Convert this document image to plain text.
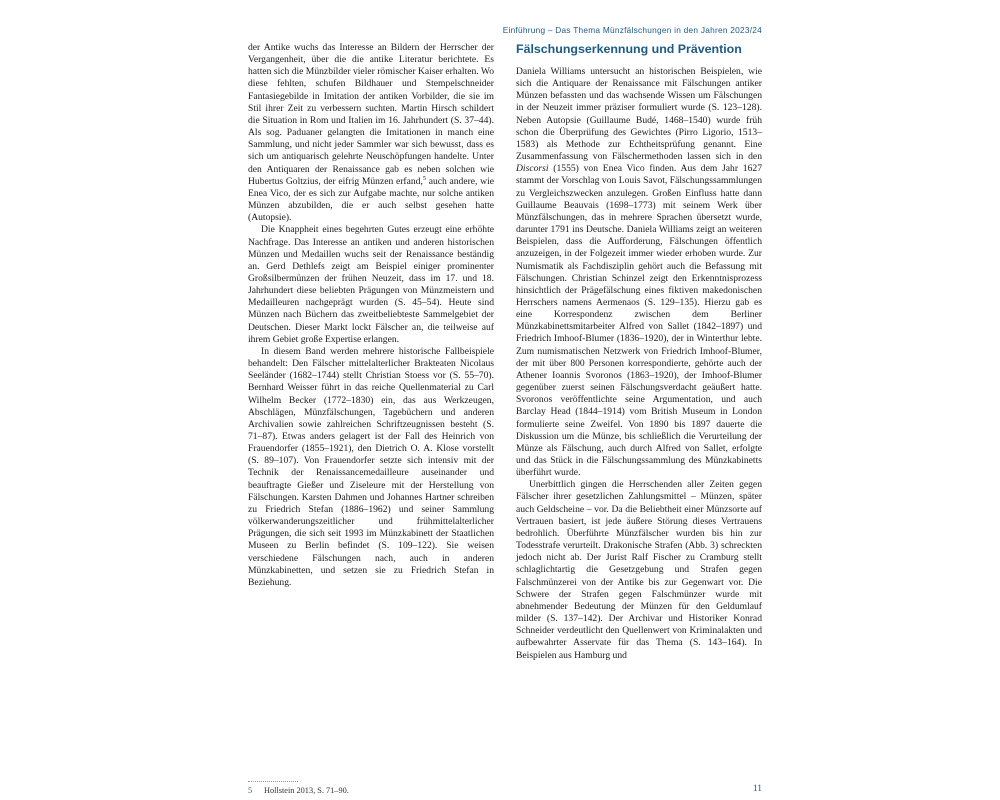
Einführung – Das Thema Münzfälschungen in den Jahren 2023/24

der Antike wuchs das Interesse an Bildern der Herrscher der Vergangenheit, über die die antike Literatur berichtete. Es hatten sich die Münzbilder vieler römischer Kaiser erhalten. Wo diese fehlten, schufen Bildhauer und Stempelschneider Fantasiegebilde in Imitation der antiken Vorbilder, die sie im Stil ihrer Zeit zu verbessern suchten. Martin Hirsch schildert die Situation in Rom und Italien im 16. Jahrhundert (S. 37–44). Als sog. Paduaner gelangten die Imitationen in manch eine Sammlung, und nicht jeder Sammler war sich bewusst, dass es sich um antiquarisch gelehrte Neuschöpfungen handelte. Unter den Antiquaren der Renaissance gab es neben solchen wie Hubertus Goltzius, der eifrig Münzen erfand,$^5$ auch andere, wie Enea Vico, der es sich zur Aufgabe machte, nur solche antiken Münzen abzubilden, die er auch selbst gesehen hatte (Autopsie).

Die Knappheit eines begehrten Gutes erzeugt eine erhöhte Nachfrage. Das Interesse an antiken und anderen historischen Münzen und Medaillen wuchs seit der Renaissance beständig an. Gerd Dethlefs zeigt am Beispiel einiger prominenter Großsilbermünzen der frühen Neuzeit, dass im 17. und 18. Jahrhundert diese beliebten Prägungen von Münzmeistern und Medailleuren nachgeprägt wurden (S. 45–54). Heute sind Münzen nach Büchern das zweitbeliebteste Sammelgebiet der Deutschen. Dieser Markt lockt Fälscher an, die teilweise auf ihrem Gebiet große Expertise erlangen.

In diesem Band werden mehrere historische Fallbeispiele behandelt: Den Fälscher mittelalterlicher Brakteaten Nicolaus Seeländer (1682–1744) stellt Christian Stoess vor (S. 55–70). Bernhard Weisser führt in das reiche Quellenmaterial zu Carl Wilhelm Becker (1772–1830) ein, das aus Werkzeugen, Abschlägen, Münzfälschungen, Tagebüchern und anderen Archivalien sowie zahlreichen Schriftzeugnissen besteht (S. 71–87). Etwas anders gelagert ist der Fall des Heinrich von Frauendorfer (1855–1921), den Dietrich O. A. Klose vorstellt (S. 89–107). Von Frauendorfer setzte sich intensiv mit der Technik der Renaissancemedailleure auseinander und beauftragte Gießer und Ziseleure mit der Herstellung von Fälschungen. Karsten Dahmen und Johannes Hartner schreiben zu Friedrich Stefan (1886–1962) und seiner Sammlung völkerwanderungszeitlicher und frühmittelalterlicher Prägungen, die sich seit 1993 im Münzkabinett der Staatlichen Museen zu Berlin befindet (S. 109–122). Sie weisen verschiedene Fälschungen nach, auch in anderen Münzkabinetten, und setzen sie zu Friedrich Stefan in Beziehung.

Fälschungserkennung und Prävention

Daniela Williams untersucht an historischen Beispielen, wie sich die Antiquare der Renaissance mit Fälschungen antiker Münzen befassten und das wachsende Wissen um Fälschungen in der Neuzeit immer präziser formuliert wurde (S. 123–128). Neben Autopsie (Guillaume Budé, 1468–1540) wurde früh schon die Überprüfung des Gewichtes (Pirro Ligorio, 1513–1583) als Methode zur Echtheitsprüfung genannt. Eine Zusammenfassung von Fälschermethoden lassen sich in den Discorsi (1555) von Enea Vico finden. Aus dem Jahr 1627 stammt der Vorschlag von Louis Savot, Fälschungssammlungen zu Vergleichszwecken anzulegen. Großen Einfluss hatte dann Guillaume Beauvais (1698–1773) mit seinem Werk über Münzfälschungen, das in mehrere Sprachen übersetzt wurde, darunter 1791 ins Deutsche. Daniela Williams zeigt an weiteren Beispielen, dass die Aufforderung, Fälschungen öffentlich anzuzeigen, in der Folgezeit immer wieder erhoben wurde. Zur Numismatik als Fachdisziplin gehört auch die Befassung mit Fälschungen. Christian Schinzel zeigt den Erkenntnisprozess hinsichtlich der Prägefälschung eines fiktiven makedonischen Herrschers namens Aermenaos (S. 129–135). Hierzu gab es eine Korrespondenz zwischen dem Berliner Münzkabinettsmitarbeiter Alfred von Sallet (1842–1897) und Friedrich Imhoof-Blumer (1836–1920), der in Winterthur lebte. Zum numismatischen Netzwerk von Friedrich Imhoof-Blumer, der mit über 800 Personen korrespondierte, gehörte auch der Athener Ioannis Svoronos (1863–1920), der Imhoof-Blumer gegenüber zuerst seinen Fälschungsverdacht geäußert hatte. Svoronos veröffentlichte seine Argumentation, und auch Barclay Head (1844–1914) vom British Museum in London formulierte seine Zweifel. Von 1890 bis 1897 dauerte die Diskussion um die Münze, bis schließlich die Verurteilung der Münze als Fälschung, auch durch Alfred von Sallet, erfolgte und das Stück in die Fälschungssammlung des Münzkabinetts überführt wurde.

Unerbittlich gingen die Herrschenden aller Zeiten gegen Fälscher ihrer gesetzlichen Zahlungsmittel – Münzen, später auch Geldscheine – vor. Da die Beliebtheit einer Münzsorte auf Vertrauen basiert, ist jede äußere Störung dieses Vertrauens bedrohlich. Überführte Münzfälscher wurden bis hin zur Todesstrafe verurteilt. Drakonische Strafen (Abb. 3) schreckten jedoch nicht ab. Der Jurist Ralf Fischer zu Cramburg stellt schlaglichtartig die Gesetzgebung und Strafen gegen Falschmünzerei von der Antike bis zur Gegenwart vor. Die Schwere der Strafen gegen Falschmünzer wurde mit abnehmender Bedeutung der Münzen für den Geldumlauf milder (S. 137–142). Der Archivar und Historiker Konrad Schneider verdeutlicht den Quellenwert von Kriminalakten und aufbewahrter Asservate für das Thema (S. 143–164). In Beispielen aus Hamburg und

5 Hollstein 2013, S. 71–90.	11
